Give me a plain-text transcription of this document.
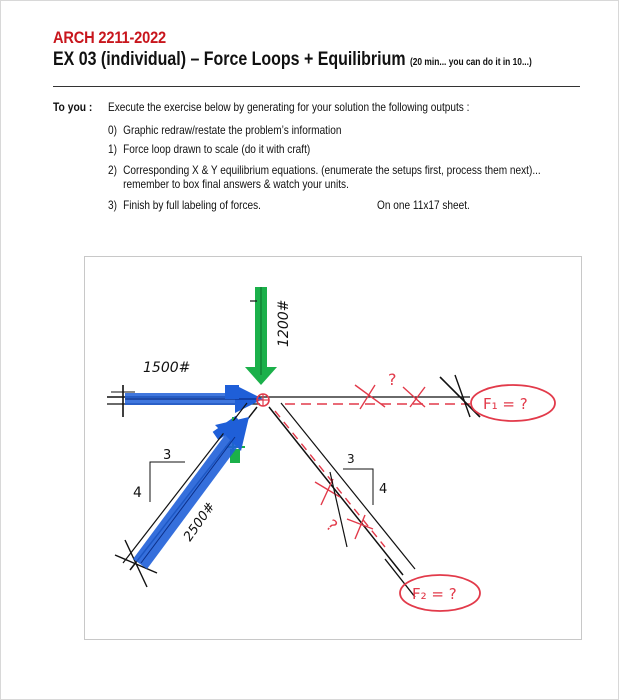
ARCH 2211-2022
EX 03 (individual) – Force Loops + Equilibrium (20 min... you can do it in 10...)
To you : Execute the exercise below by generating for your solution the following outputs :
0) Graphic redraw/restate the problem’s information
1) Force loop drawn to scale (do it with craft)
2) Corresponding X & Y equilibrium equations. (enumerate the setups first, process them next)...
remember to box final answers & watch your units.
3) Finish by full labeling of forces.	On one 11x17 sheet.
1500#
1200#
2500#
F₁ = ?
F₂ = ?
3
4
3
4
?
?
